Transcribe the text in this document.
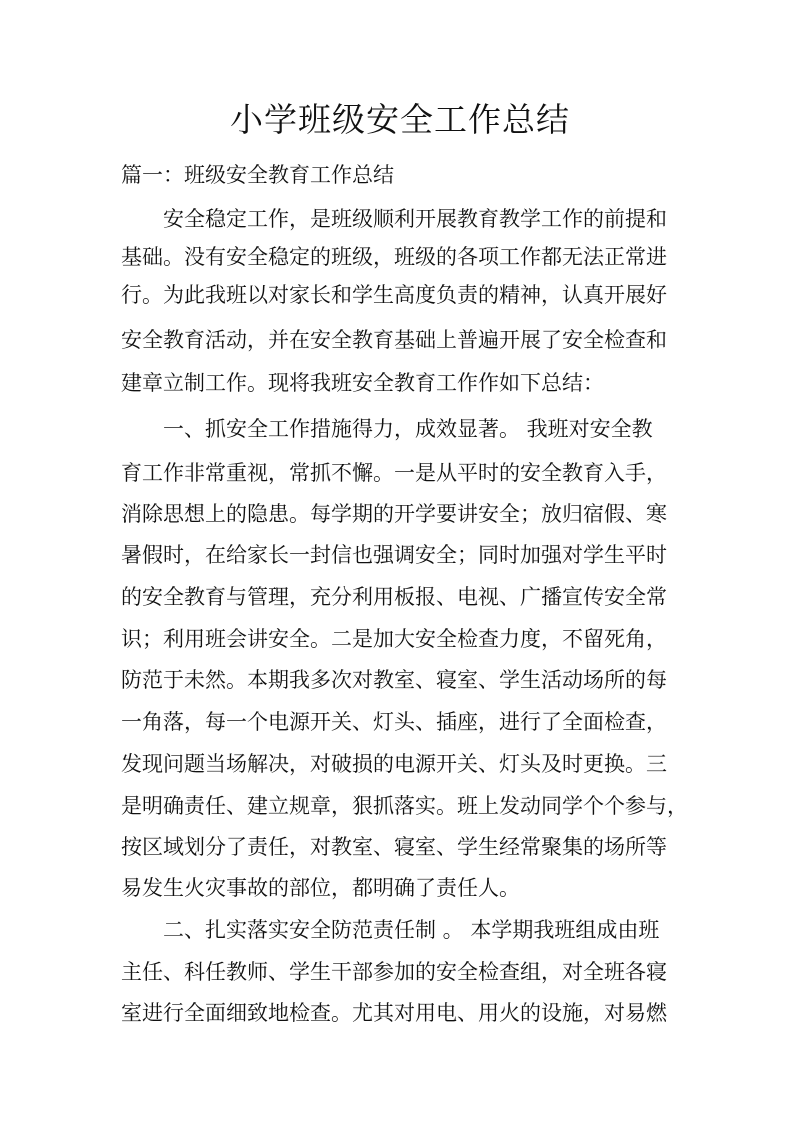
小学班级安全工作总结
篇一：班级安全教育工作总结

安全稳定工作，是班级顺利开展教育教学工作的前提和

基础。没有安全稳定的班级，班级的各项工作都无法正常进

行。为此我班以对家长和学生高度负责的精神，认真开展好

安全教育活动，并在安全教育基础上普遍开展了安全检查和

建章立制工作。现将我班安全教育工作作如下总结：

一、抓安全工作措施得力，成效显著。 我班对安全教

育工作非常重视，常抓不懈。一是从平时的安全教育入手，

消除思想上的隐患。每学期的开学要讲安全；放归宿假、寒

暑假时，在给家长一封信也强调安全；同时加强对学生平时

的安全教育与管理，充分利用板报、电视、广播宣传安全常

识；利用班会讲安全。二是加大安全检查力度，不留死角，

防范于未然。本期我多次对教室、寝室、学生活动场所的每

一角落，每一个电源开关、灯头、插座，进行了全面检查，

发现问题当场解决，对破损的电源开关、灯头及时更换。三

是明确责任、建立规章，狠抓落实。班上发动同学个个参与，

按区域划分了责任，对教室、寝室、学生经常聚集的场所等

易发生火灾事故的部位，都明确了责任人。

二、扎实落实安全防范责任制 。 本学期我班组成由班

主任、科任教师、学生干部参加的安全检查组，对全班各寝

室进行全面细致地检查。尤其对用电、用火的设施，对易燃
